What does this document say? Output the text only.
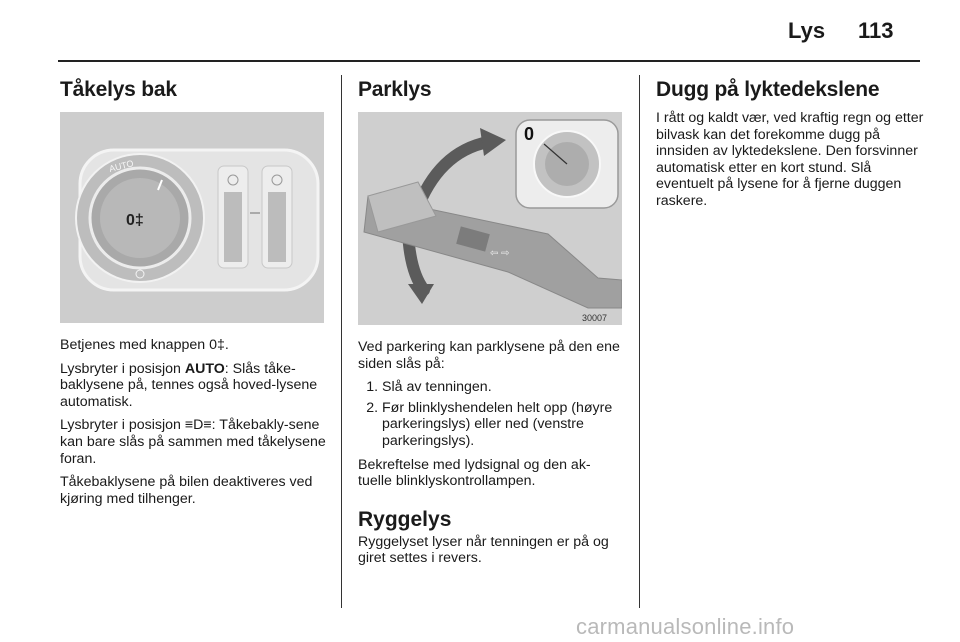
Lys 113
Tåkelys bak
0‡
AUTO

Betjenes med knappen 0‡.

Lysbryter i posisjon AUTO: Slås tåke-baklysene på, tennes også hoved-lysene automatisk.

Lysbryter i posisjon ≡D≡: Tåkebakly-sene kan bare slås på sammen med tåkelysene foran.

Tåkebaklysene på bilen deaktiveres ved kjøring med tilhenger.

Parklys
0
⇦ ⇨
30007

Ved parkering kan parklysene på den ene siden slås på:

1. Slå av tenningen.
2. Før blinklyshendelen helt opp (høyre parkeringslys) eller ned (venstre parkeringslys).

Bekreftelse med lydsignal og den ak-tuelle blinklyskontrollampen.

Ryggelys

Ryggelyset lyser når tenningen er på og giret settes i revers.

Dugg på lyktedekslene

I rått og kaldt vær, ved kraftig regn og etter bilvask kan det forekomme dugg på innsiden av lyktedekslene. Den forsvinner automatisk etter en kort stund. Slå eventuelt på lysene for å fjerne duggen raskere.

carmanualsonline.info
